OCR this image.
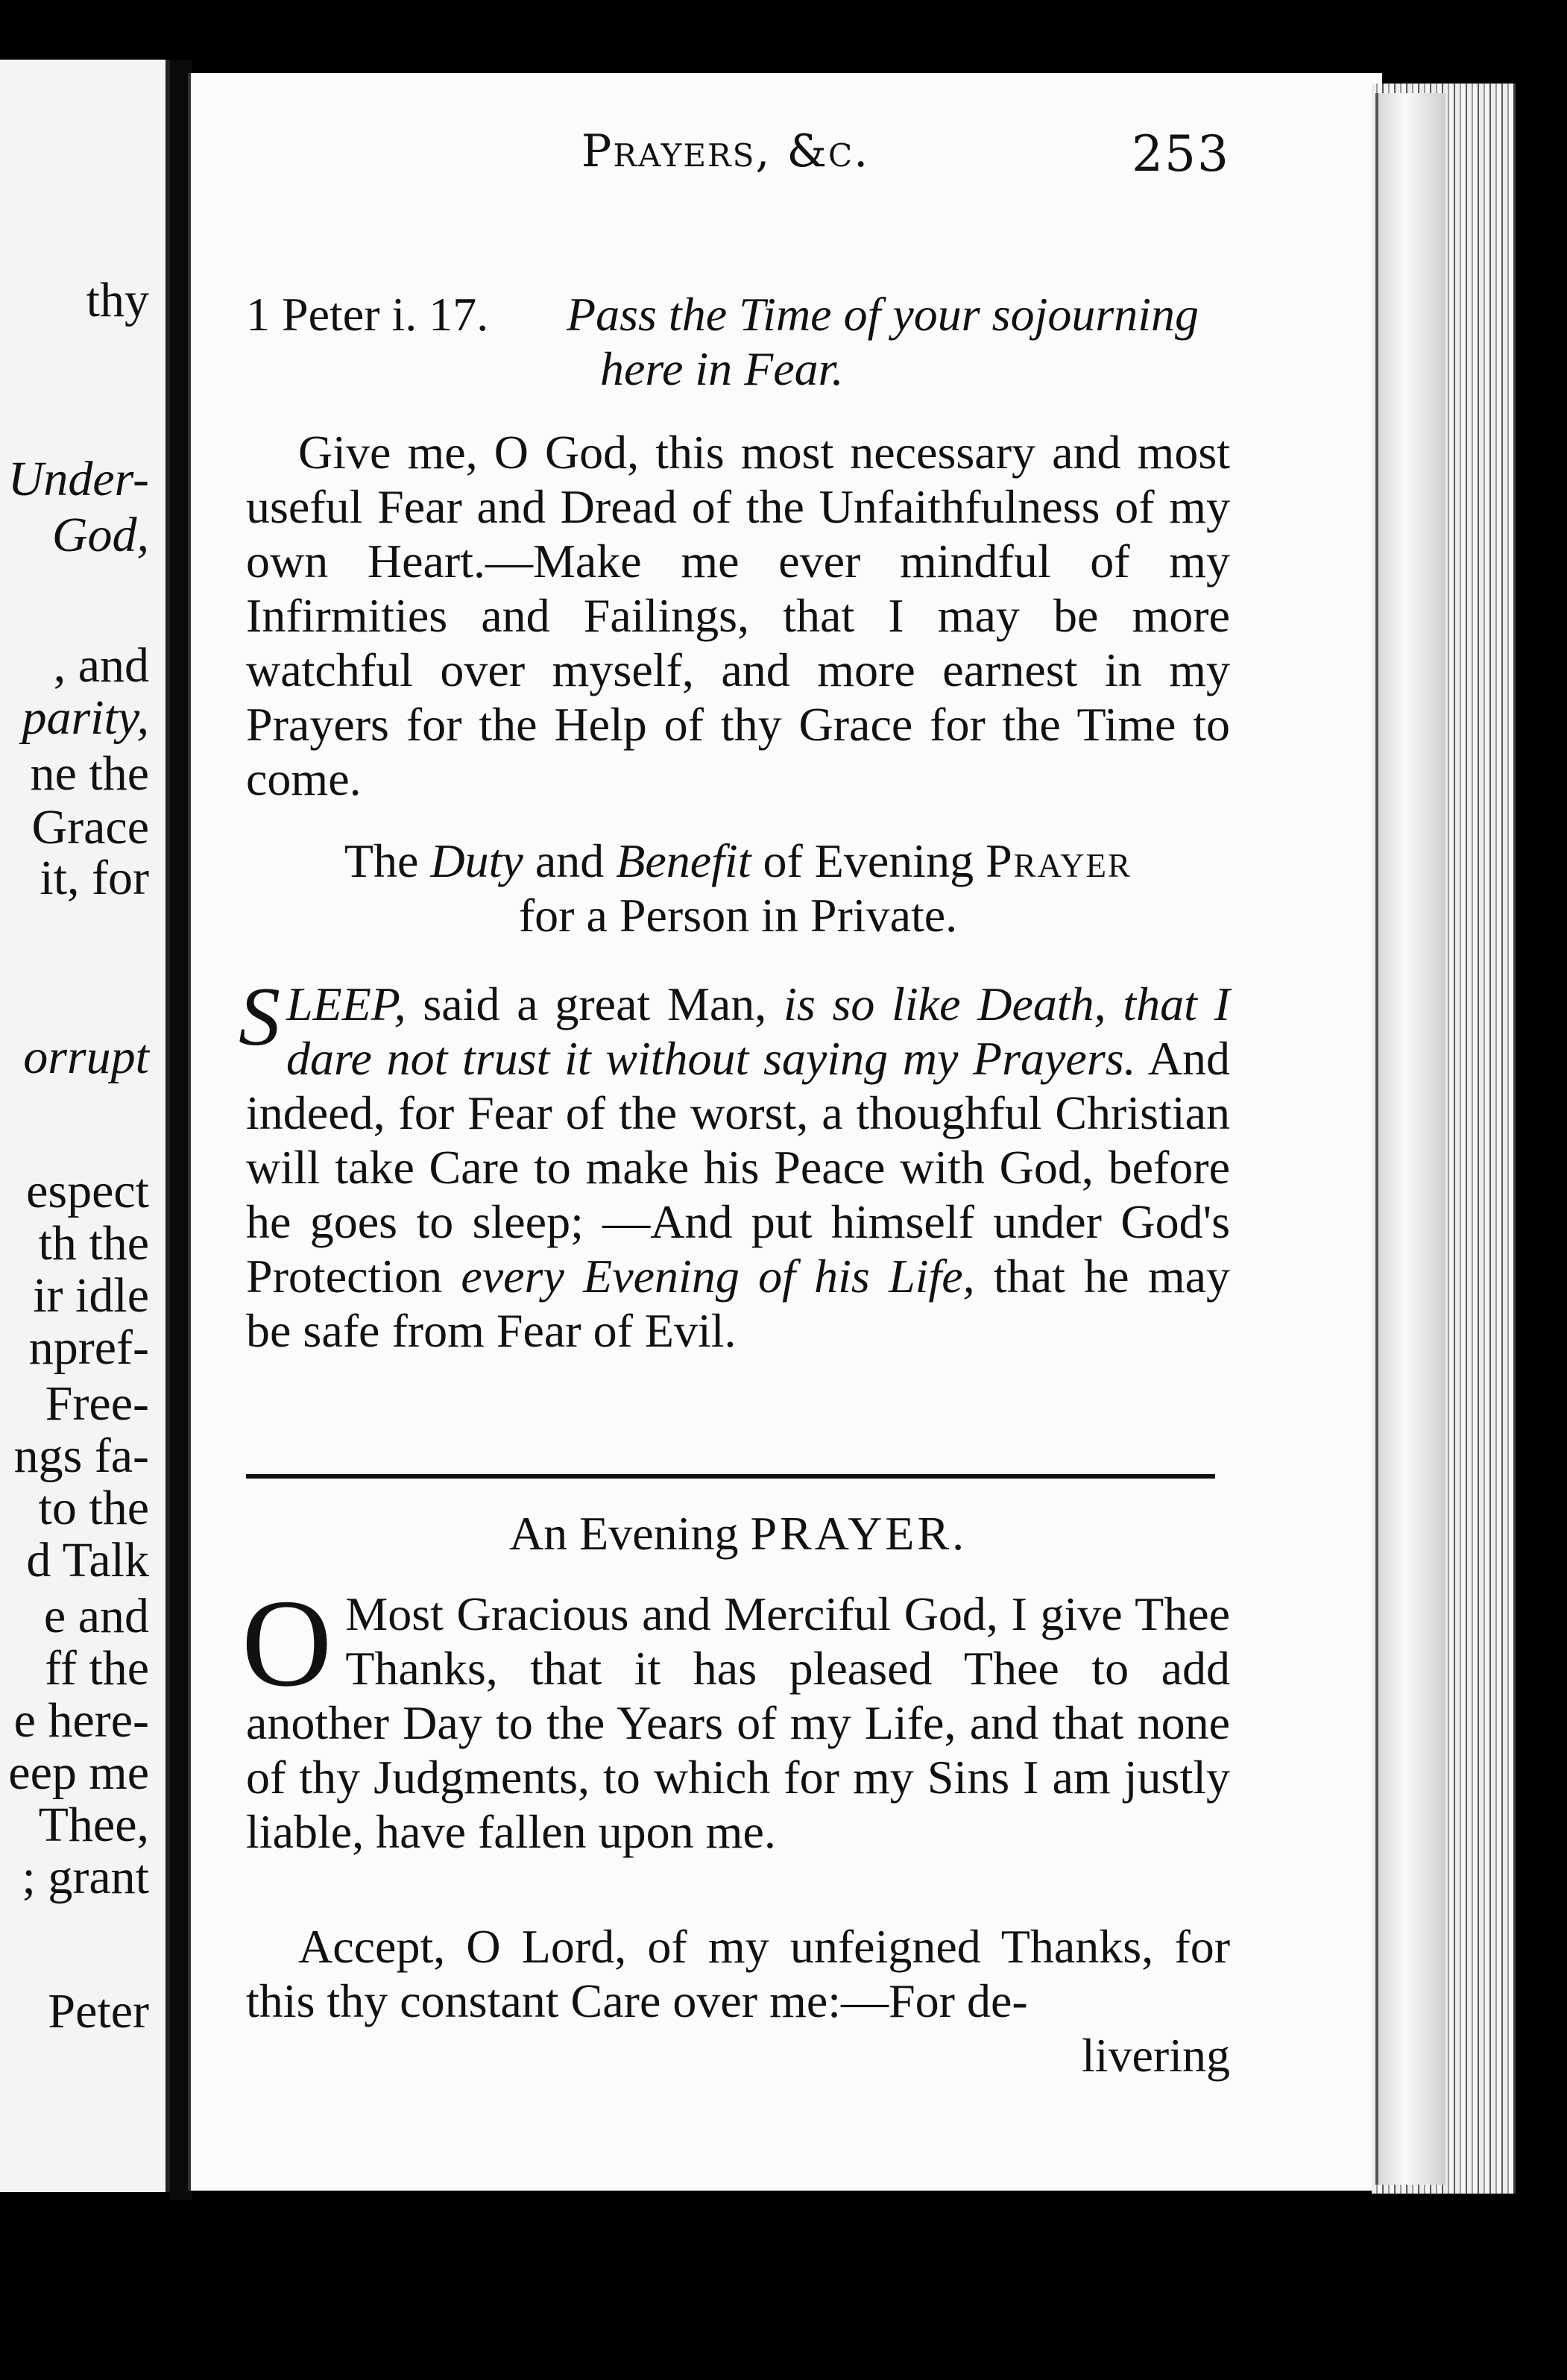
thy
Under-
God,
, and
parity,
ne the
Grace
it, for
orrupt
espect
th the
ir idle
npref-
Free-
ngs fa-
to the
d Talk
e and
ff the
e here-
eep me
Thee,
; grant
Peter
Prayers, &c.	253

1 Peter i. 17. Pass the Time of your sojourning

here in Fear.

Give me, O God, this most necessary and most useful Fear and Dread of the Unfaithfulness of my own Heart.—Make me ever mindful of my Infirmities and Failings, that I may be more watchful over myself, and more earnest in my Prayers for the Help of thy Grace for the Time to come.

The Duty and Benefit of Evening Prayer

for a Person in Private.

SLEEP, said a great Man, is so like Death, that I dare not trust it without saying my Prayers. And indeed, for Fear of the worst, a thoughful Christian will take Care to make his Peace with God, before he goes to sleep; —And put himself under God's Protection every Evening of his Life, that he may be safe from Fear of Evil.
An Evening PRAYER.
O Most Gracious and Merciful God, I give Thee Thanks, that it has pleased Thee to add another Day to the Years of my Life, and that none of thy Judgments, to which for my Sins I am justly liable, have fallen upon me.
Accept, O Lord, of my unfeigned Thanks, for this thy constant Care over me:—For de-
livering
